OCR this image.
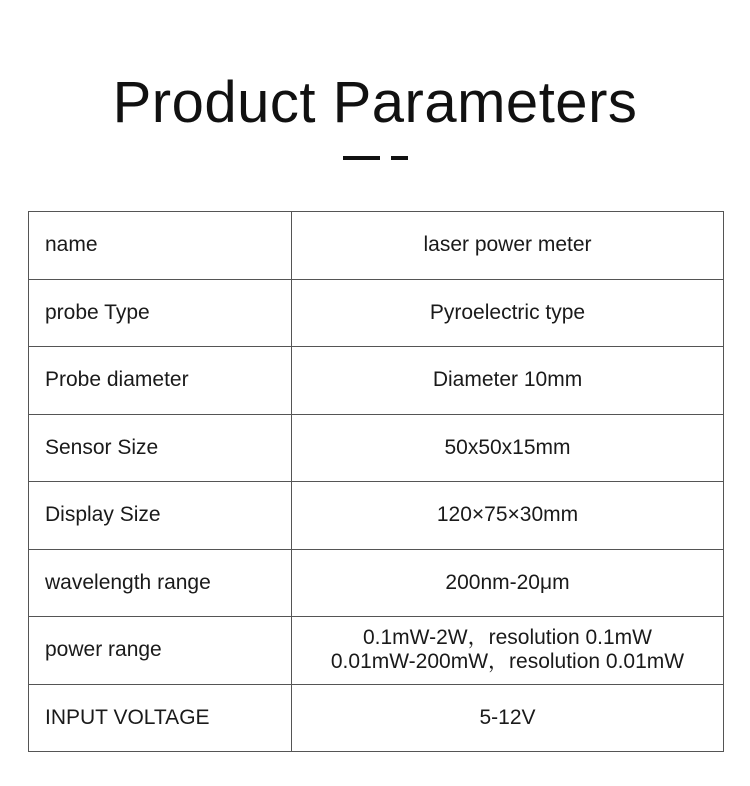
Product Parameters
name	laser power meter

probe Type	Pyroelectric type

Probe diameter	Diameter 10mm

Sensor Size	50x50x15mm

Display Size	120×75×30mm

wavelength range	200nm-20μm

power range	0.1mW-2W，resolution 0.1mW
0.01mW-200mW，resolution 0.01mW

INPUT VOLTAGE	5-12V
